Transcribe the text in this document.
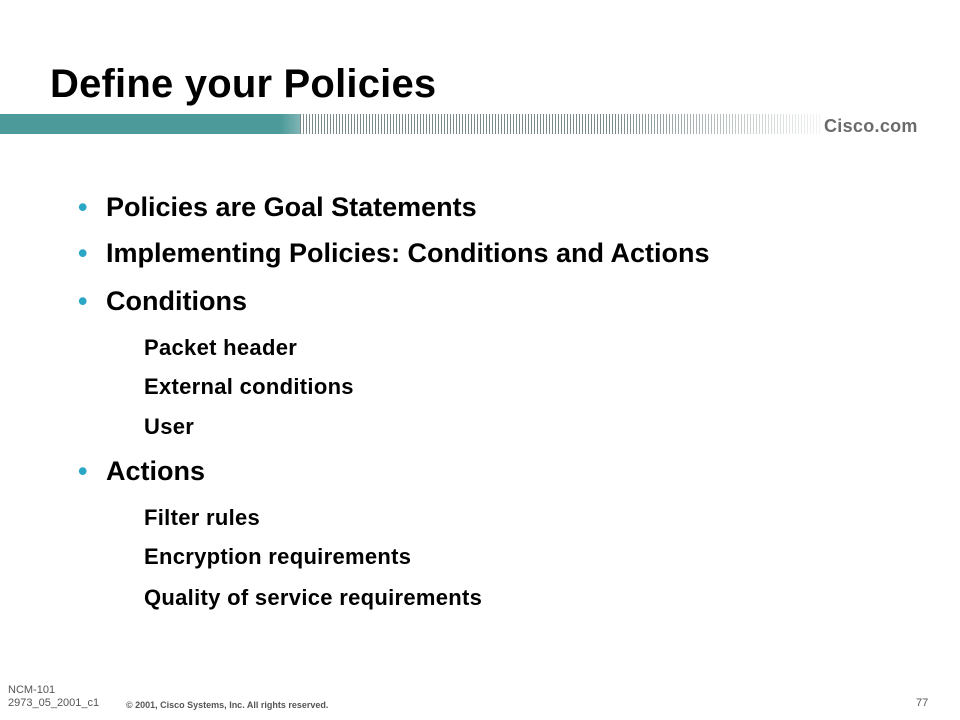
Define your Policies
Cisco.com
• Policies are Goal Statements
• Implementing Policies: Conditions and Actions
• Conditions
Packet header
External conditions
User
• Actions
Filter rules
Encryption requirements
Quality of service requirements
NCM-101
2973_05_2001_c1	© 2001, Cisco Systems, Inc. All rights reserved.	77
